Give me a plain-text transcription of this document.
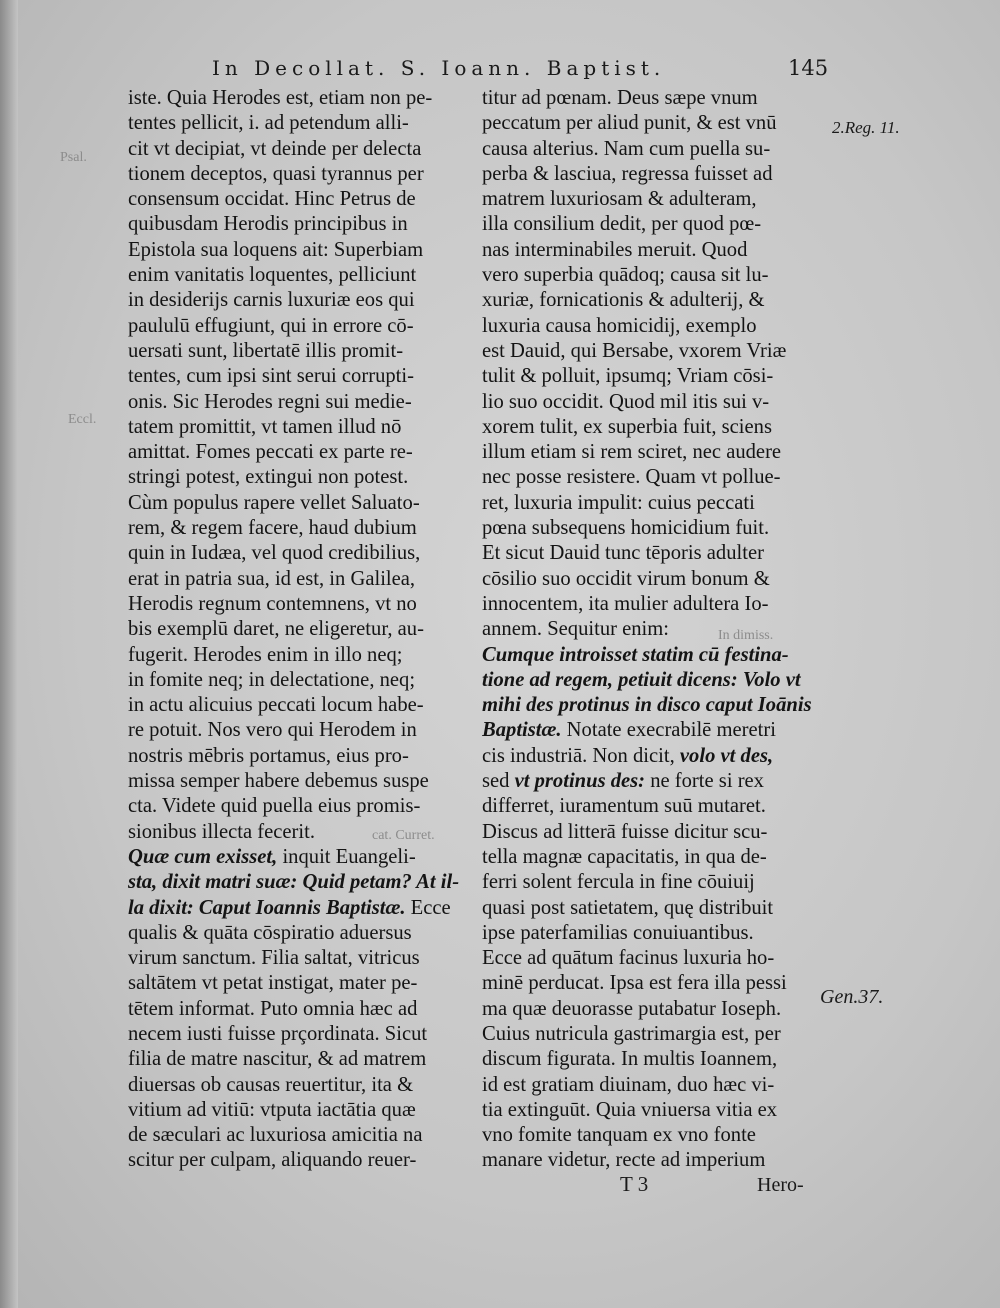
In Decollat. S. Ioann. Baptist.	145
Psal.
Eccl.
In dimiss.
cat. Curret.
iste. Quia Herodes est, etiam non pe-
tentes pellicit, i. ad petendum alli-
cit vt decipiat, vt deinde per delecta
tionem deceptos, quasi tyrannus per
consensum occidat. Hinc Petrus de
quibusdam Herodis principibus in
Epistola sua loquens ait: Superbiam
enim vanitatis loquentes, pelliciunt
in desiderijs carnis luxuriæ eos qui
paululū effugiunt, qui in errore cō-
uersati sunt, libertatē illis promit-
tentes, cum ipsi sint serui corrupti-
onis. Sic Herodes regni sui medie-
tatem promittit, vt tamen illud nō
amittat. Fomes peccati ex parte re-
stringi potest, extingui non potest.
Cùm populus rapere vellet Saluato-
rem, & regem facere, haud dubium
quin in Iudæa, vel quod credibilius,
erat in patria sua, id est, in Galilea,
Herodis regnum contemnens, vt no
bis exemplū daret, ne eligeretur, au-
fugerit. Herodes enim in illo neq;
in fomite neq; in delectatione, neq;
in actu alicuius peccati locum habe-
re potuit. Nos vero qui Herodem in
nostris mēbris portamus, eius pro-
missa semper habere debemus suspe
cta. Videte quid puella eius promis-
sionibus illecta fecerit.
Quæ cum exisset, inquit Euangeli-
sta, dixit matri suæ: Quid petam? At il-
la dixit: Caput Ioannis Baptistæ. Ecce
qualis & quāta cōspiratio aduersus
virum sanctum. Filia saltat, vitricus
saltātem vt petat instigat, mater pe-
tētem informat. Puto omnia hæc ad
necem iusti fuisse prçordinata. Sicut
filia de matre nascitur, & ad matrem
diuersas ob causas reuertitur, ita &
vitium ad vitiū: vtputa iactātia quæ
de sæculari ac luxuriosa amicitia na
scitur per culpam, aliquando reuer-
titur ad pœnam. Deus sæpe vnum
peccatum per aliud punit, & est vnū
causa alterius. Nam cum puella su-
perba & lasciua, regressa fuisset ad
matrem luxuriosam & adulteram,
illa consilium dedit, per quod pœ-
nas interminabiles meruit. Quod
vero superbia quādoq; causa sit lu-
xuriæ, fornicationis & adulterij, &
luxuria causa homicidij, exemplo
est Dauid, qui Bersabe, vxorem Vriæ
tulit & polluit, ipsumq; Vriam cōsi-
lio suo occidit. Quod mil itis sui v-
xorem tulit, ex superbia fuit, sciens
illum etiam si rem sciret, nec audere
nec posse resistere. Quam vt pollue-
ret, luxuria impulit: cuius peccati
pœna subsequens homicidium fuit.
Et sicut Dauid tunc tēporis adulter
cōsilio suo occidit virum bonum &
innocentem, ita mulier adultera Io-
annem. Sequitur enim:
Cumque introisset statim cū festina-
tione ad regem, petiuit dicens: Volo vt
mihi des protinus in disco caput Ioānis
Baptistæ. Notate execrabilē meretri
cis industriā. Non dicit, volo vt des,
sed vt protinus des: ne forte si rex
differret, iuramentum suū mutaret.
Discus ad litterā fuisse dicitur scu-
tella magnæ capacitatis, in qua de-
ferri solent fercula in fine cōuiuij
quasi post satietatem, quę distribuit
ipse paterfamilias conuiuantibus.
Ecce ad quātum facinus luxuria ho-
minē perducat. Ipsa est fera illa pessi
ma quæ deuorasse putabatur Ioseph.
Cuius nutricula gastrimargia est, per
discum figurata. In multis Ioannem,
id est gratiam diuinam, duo hæc vi-
tia extinguūt. Quia vniuersa vitia ex
vno fomite tanquam ex vno fonte
manare videtur, recte ad imperium
2.Reg. 11.
Gen.37.
T 3	Hero-
